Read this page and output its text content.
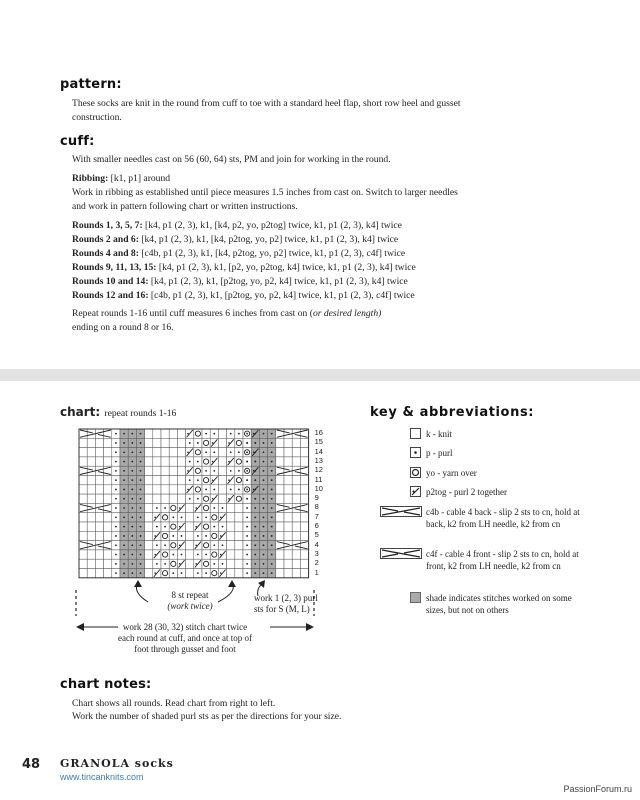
pattern:

These socks are knit in the round from cuff to toe with a standard heel flap, short row heel and gusset construction.

cuff:

With smaller needles cast on 56 (60, 64) sts, PM and join for working in the round.

Ribbing: [k1, p1] around

Work in ribbing as established until piece measures 1.5 inches from cast on. Switch to larger needles and work in pattern following chart or written instructions.

Rounds 1, 3, 5, 7: [k4, p1 (2, 3), k1, [k4, p2, yo, p2tog] twice, k1, p1 (2, 3), k4] twice

Rounds 2 and 6: [k4, p1 (2, 3), k1, [k4, p2tog, yo, p2] twice, k1, p1 (2, 3), k4] twice

Rounds 4 and 8: [c4b, p1 (2, 3), k1, [k4, p2tog, yo, p2] twice, k1, p1 (2, 3), c4f] twice

Rounds 9, 11, 13, 15: [k4, p1 (2, 3), k1, [p2, yo, p2tog, k4] twice, k1, p1 (2, 3), k4] twice

Rounds 10 and 14: [k4, p1 (2, 3), k1, [p2tog, yo, p2, k4] twice, k1, p1 (2, 3), k4] twice

Rounds 12 and 16: [c4b, p1 (2, 3), k1, [p2tog, yo, p2, k4] twice, k1, p1 (2, 3), c4f] twice

Repeat rounds 1-16 until cuff measures 6 inches from cast on (or desired length)

ending on a round 8 or 16.

chart: repeat rounds 1-16
16
15
14
13
12
11
10
9
8
7
6
5
4
3
2
1
8 st repeat
(work twice)
work 1 (2, 3) purl
sts for S (M, L)
work 28 (30, 32) stitch chart twice
each round at cuff, and once at top of
foot through gusset and foot
key & abbreviations:
k - knit
p - purl
yo - yarn over
p2tog - purl 2 together
c4b - cable 4 back - slip 2 sts to cn, hold at back, k2 from LH needle, k2 from cn
c4f - cable 4 front - slip 2 sts to cn, hold at front, k2 from LH needle, k2 from cn
shade indicates stitches worked on some sizes, but not on others
chart notes:

Chart shows all rounds. Read chart from right to left.

Work the number of shaded purl sts as per the directions for your size.

48 GRANOLA socks
www.tincanknits.com
PassionForum.ru
